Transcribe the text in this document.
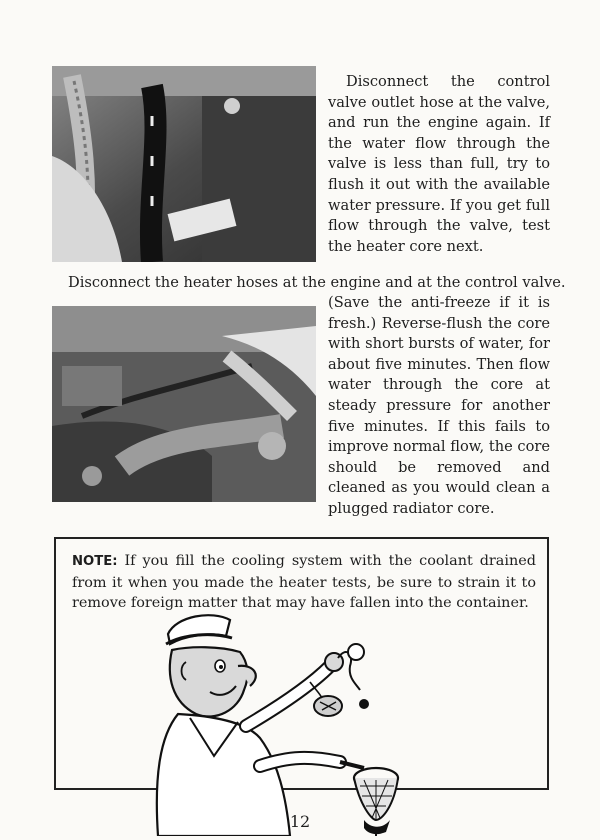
Disconnect the control valve outlet hose at the valve, and run the engine again. If the water flow through the valve is less than full, try to flush it out with the available water pressure. If you get full flow through the valve, test the heater core next.

Disconnect the heater hoses at the engine and at the control valve.

(Save the anti-freeze if it is fresh.) Reverse-flush the core with short bursts of water, for about five minutes. Then flow water through the core at steady pressure for another five minutes. If this fails to improve normal flow, the core should be removed and cleaned as you would clean a plugged radiator core.

NOTE: If you fill the cooling system with the coolant drained from it when you made the heater tests, be sure to strain it to remove foreign matter that may have fallen into the container.

12
